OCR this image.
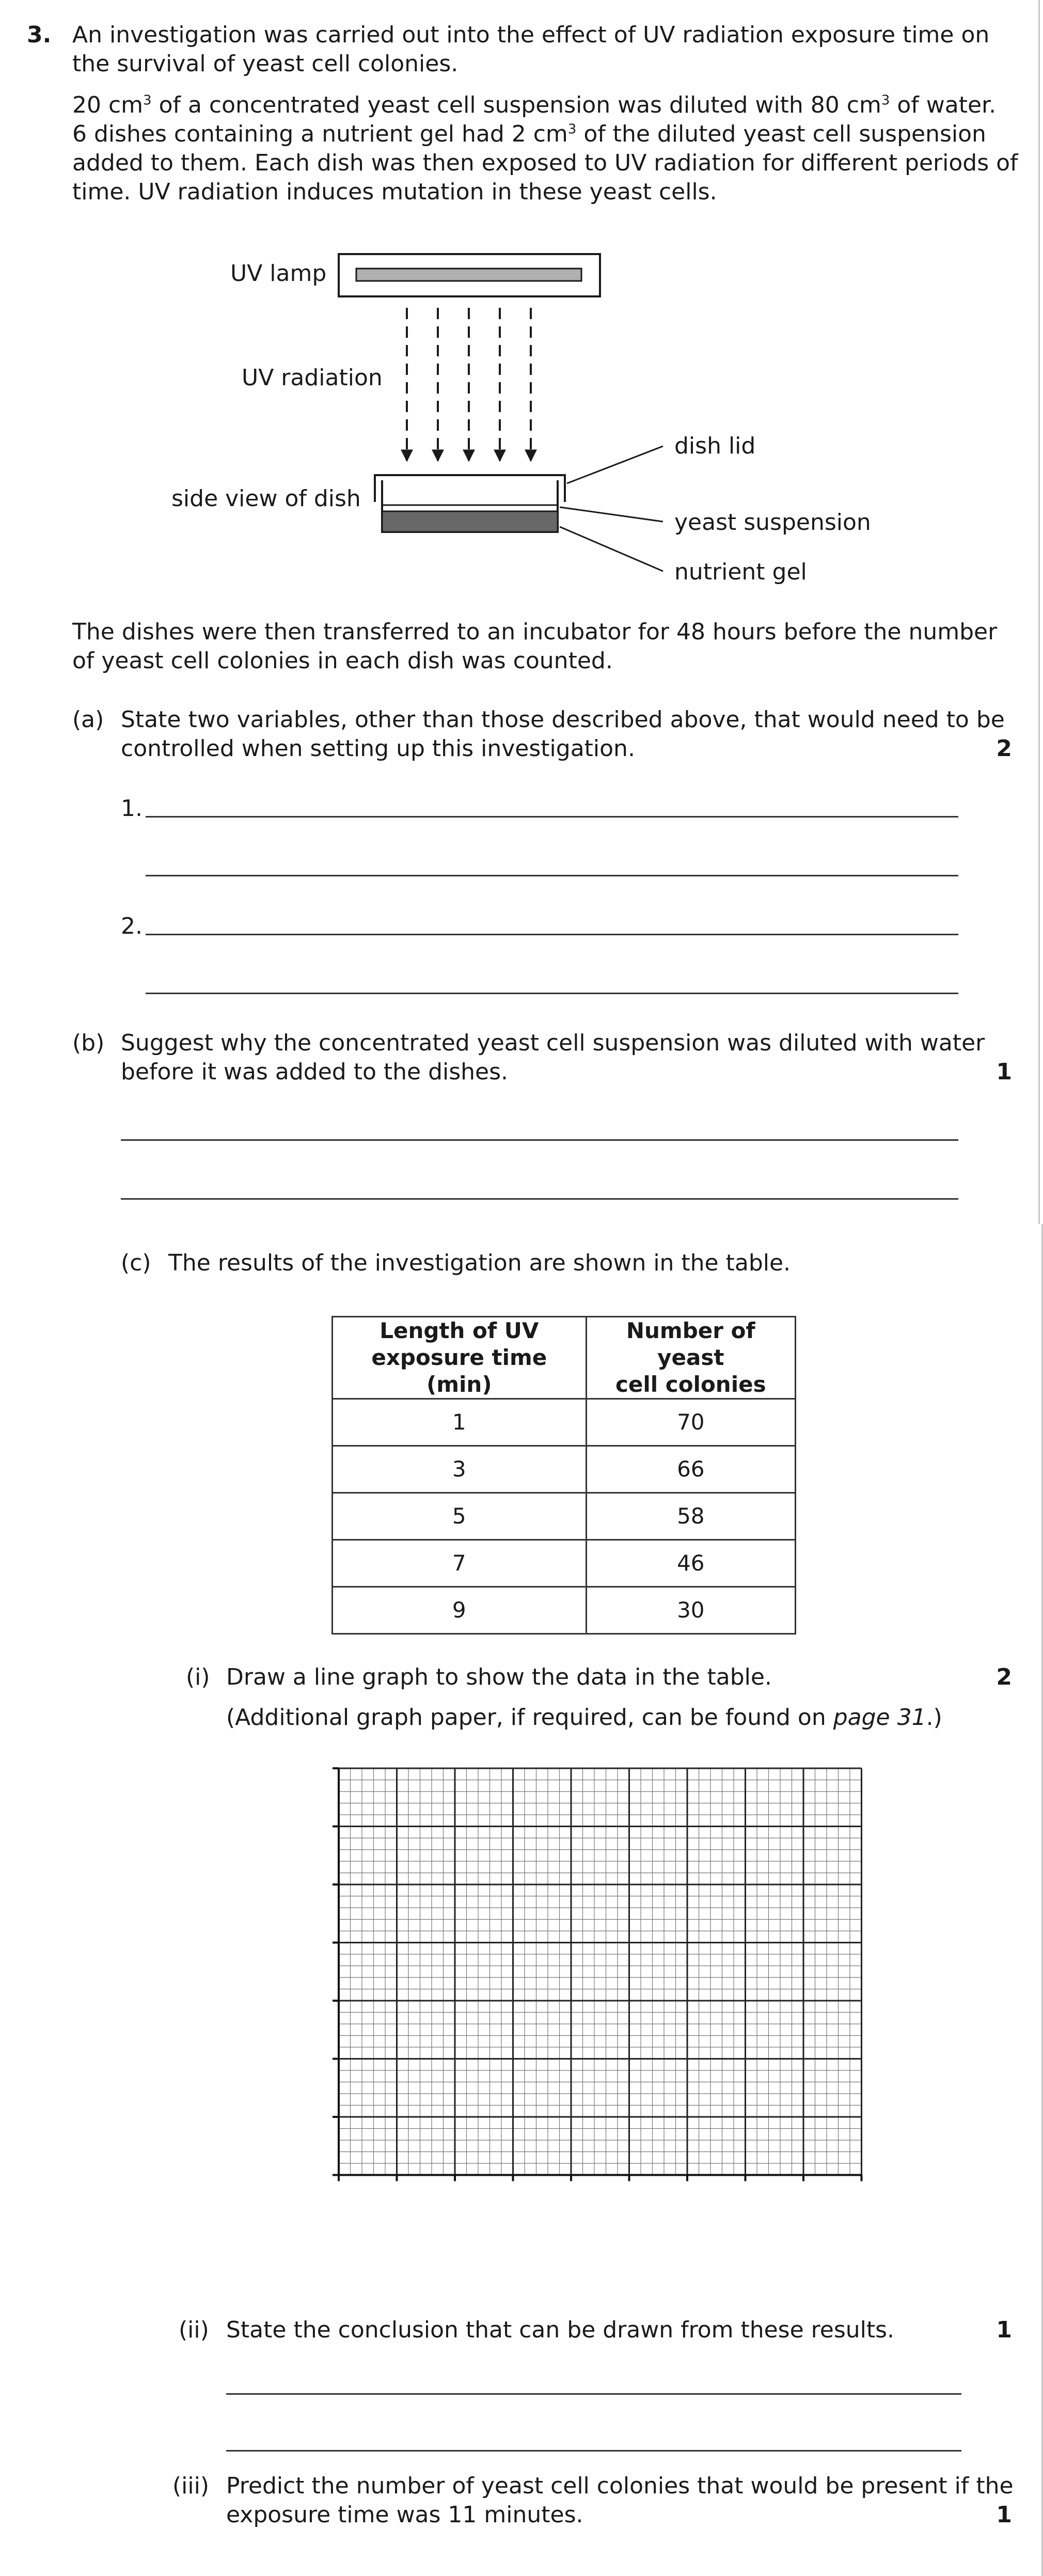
3. An investigation was carried out into the effect of UV radiation exposure time on
the survival of yeast cell colonies.
20 $cm^3$ of a concentrated yeast cell suspension was diluted with 80 $cm^3$ of water.
6 dishes containing a nutrient gel had 2 $cm^3$ of the diluted yeast cell suspension
added to them. Each dish was then exposed to UV radiation for different periods of
time. UV radiation induces mutation in these yeast cells.
UV lamp
UV radiation
side view of dish
dish lid
yeast suspension
nutrient gel
The dishes were then transferred to an incubator for 48 hours before the number
of yeast cell colonies in each dish was counted.
(a) State two variables, other than those described above, that would need to be
controlled when setting up this investigation.	2
1.
2.
(b) Suggest why the concentrated yeast cell suspension was diluted with water
before it was added to the dishes.	1
(c) The results of the investigation are shown in the table.
Length of UV
exposure time (min)	Number of yeast
cell colonies
1	70
3	66
5	58
7	46
9	30
(i) Draw a line graph to show the data in the table.	2
(Additional graph paper, if required, can be found on page 31.)
(ii) State the conclusion that can be drawn from these results.	1
(iii) Predict the number of yeast cell colonies that would be present if the
exposure time was 11 minutes.	1
